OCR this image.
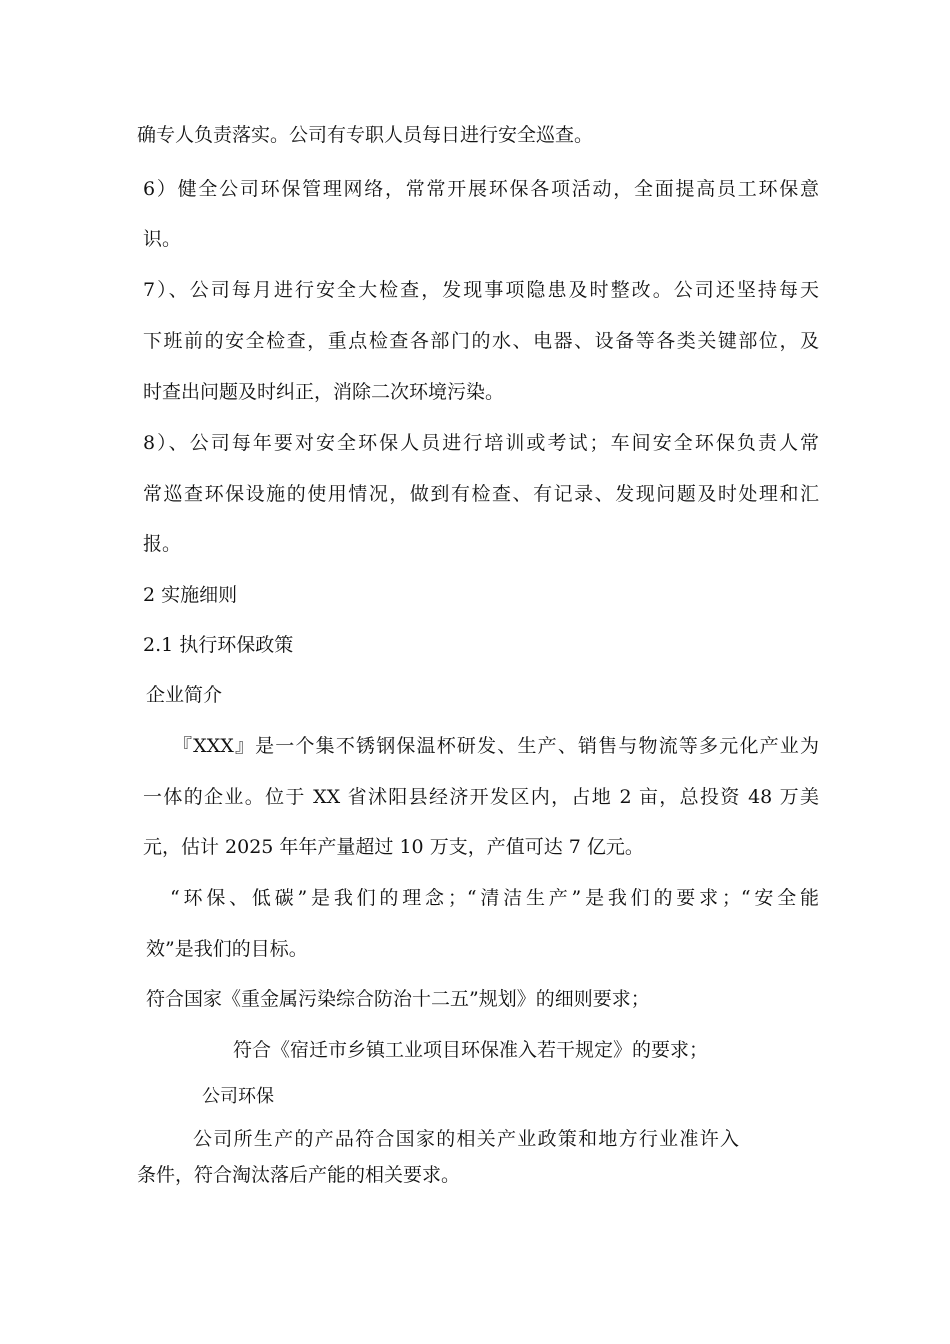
确专人负责落实。公司有专职人员每日进行安全巡查。

6）健全公司环保管理网络，常常开展环保各项活动，全面提高员工环保意

识。

7）、公司每月进行安全大检查，发现事项隐患及时整改。公司还坚持每天

下班前的安全检查，重点检查各部门的水、电器、设备等各类关键部位，及

时查出问题及时纠正，消除二次环境污染。

8）、公司每年要对安全环保人员进行培训或考试；车间安全环保负责人常

常巡查环保设施的使用情况，做到有检查、有记录、发现问题及时处理和汇

报。

2 实施细则

2.1 执行环保政策

企业简介

『XXX』是一个集不锈钢保温杯研发、生产、销售与物流等多元化产业为

一体的企业。位于 XX 省沭阳县经济开发区内，占地 2 亩，总投资 48 万美

元，估计 2025 年年产量超过 10 万支，产值可达 7 亿元。

“环保、低碳”是我们的理念；“清洁生产”是我们的要求；“安全能

效”是我们的目标。

符合国家《重金属污染综合防治十二五”规划》的细则要求；

符合《宿迁市乡镇工业项目环保准入若干规定》的要求；

公司环保

公司所生产的产品符合国家的相关产业政策和地方行业准许入

条件，符合淘汰落后产能的相关要求。
